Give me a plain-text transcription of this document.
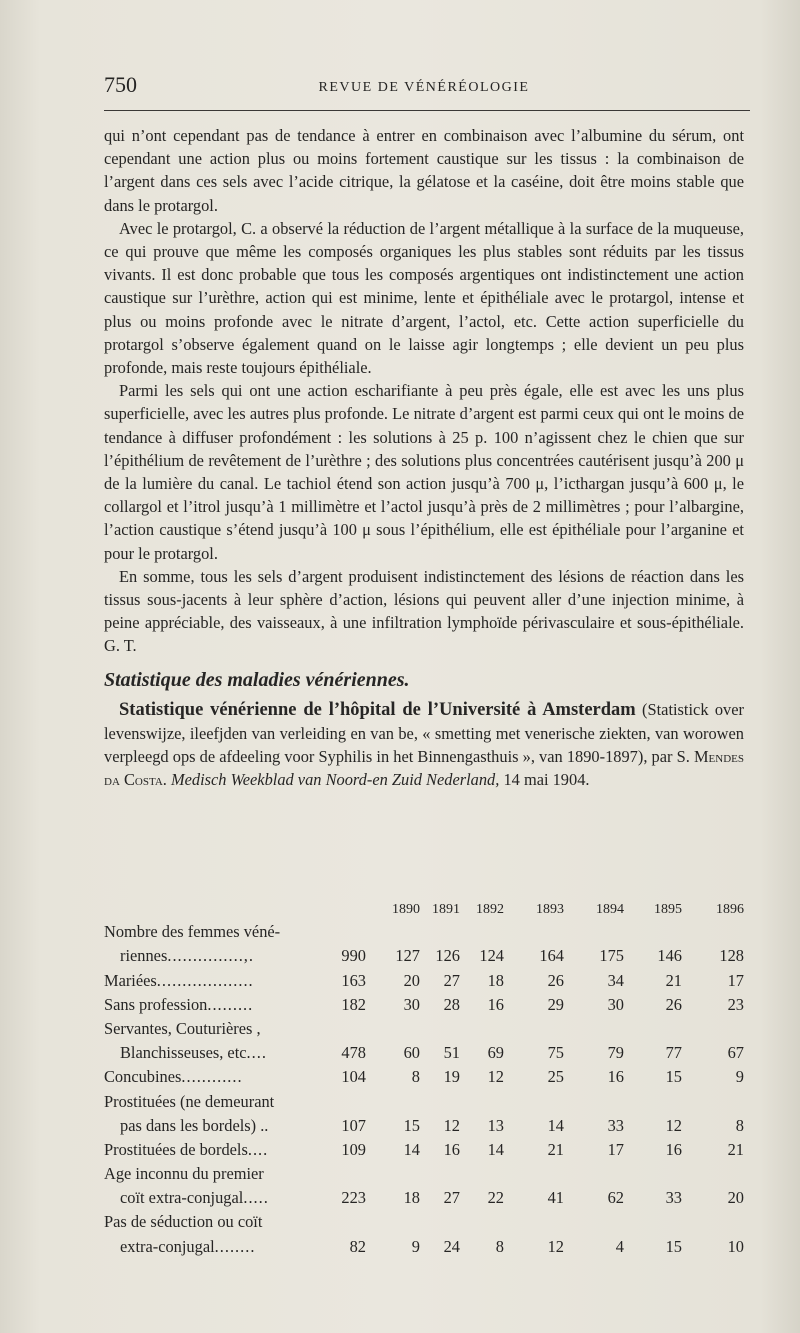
750	REVUE DE VÉNÉRÉOLOGIE

qui n’ont cependant pas de tendance à entrer en combinaison avec l’albumine du sérum, ont cependant une action plus ou moins fortement caustique sur les tissus : la combinaison de l’argent dans ces sels avec l’acide citrique, la gélatose et la caséine, doit être moins stable que dans le protargol.

Avec le protargol, C. a observé la réduction de l’argent métallique à la surface de la muqueuse, ce qui prouve que même les composés organiques les plus stables sont réduits par les tissus vivants. Il est donc probable que tous les composés argentiques ont indistinctement une action caustique sur l’urèthre, action qui est minime, lente et épithéliale avec le protargol, intense et plus ou moins profonde avec le nitrate d’argent, l’actol, etc. Cette action superficielle du protargol s’observe également quand on le laisse agir longtemps ; elle devient un peu plus profonde, mais reste toujours épithéliale.

Parmi les sels qui ont une action escharifiante à peu près égale, elle est avec les uns plus superficielle, avec les autres plus profonde. Le nitrate d’argent est parmi ceux qui ont le moins de tendance à diffuser profondément : les solutions à 25 p. 100 n’agissent chez le chien que sur l’épithélium de revêtement de l’urèthre ; des solutions plus concentrées cautérisent jusqu’à 200 μ de la lumière du canal. Le tachiol étend son action jusqu’à 700 μ, l’icthargan jusqu’à 600 μ, le collargol et l’itrol jusqu’à 1 millimètre et l’actol jusqu’à près de 2 millimètres ; pour l’albargine, l’action caustique s’étend jusqu’à 100 μ sous l’épithélium, elle est épithéliale pour l’arganine et pour le protargol.

En somme, tous les sels d’argent produisent indistinctement des lésions de réaction dans les tissus sous-jacents à leur sphère d’action, lésions qui peuvent aller d’une injection minime, à peine appréciable, des vaisseaux, à une infiltration lymphoïde périvasculaire et sous-épithéliale. G. T.

Statistique des maladies vénériennes.

Statistique vénérienne de l’hôpital de l’Université à Amsterdam (Statistick over levenswijze, ileefjden van verleiding en van be, « smetting met venerische ziekten, van worowen verpleegd ops de afdeeling voor Syphilis in het Binnengasthuis », van 1890-1897), par S. Mendes da Costa. Medisch Weekblad van Noord-en Zuid Nederland, 14 mai 1904.

		1890	1891	1892	1893	1894	1895	1896
Nombre des femmes véné-								
riennes...............,.	990	127	126	124	164	175	146	128
Mariées...................	163	20	27	18	26	34	21	17
Sans profession.........	182	30	28	16	29	30	26	23
Servantes, Couturières ,								
Blanchisseuses, etc....	478	60	51	69	75	79	77	67
Concubines............	104	8	19	12	25	16	15	9
Prostituées (ne demeurant								
pas dans les bordels) ..	107	15	12	13	14	33	12	8
Prostituées de bordels....	109	14	16	14	21	17	16	21
Age inconnu du premier								
coït extra-conjugal.....	223	18	27	22	41	62	33	20
Pas de séduction ou coït								
extra-conjugal........	82	9	24	8	12	4	15	10
